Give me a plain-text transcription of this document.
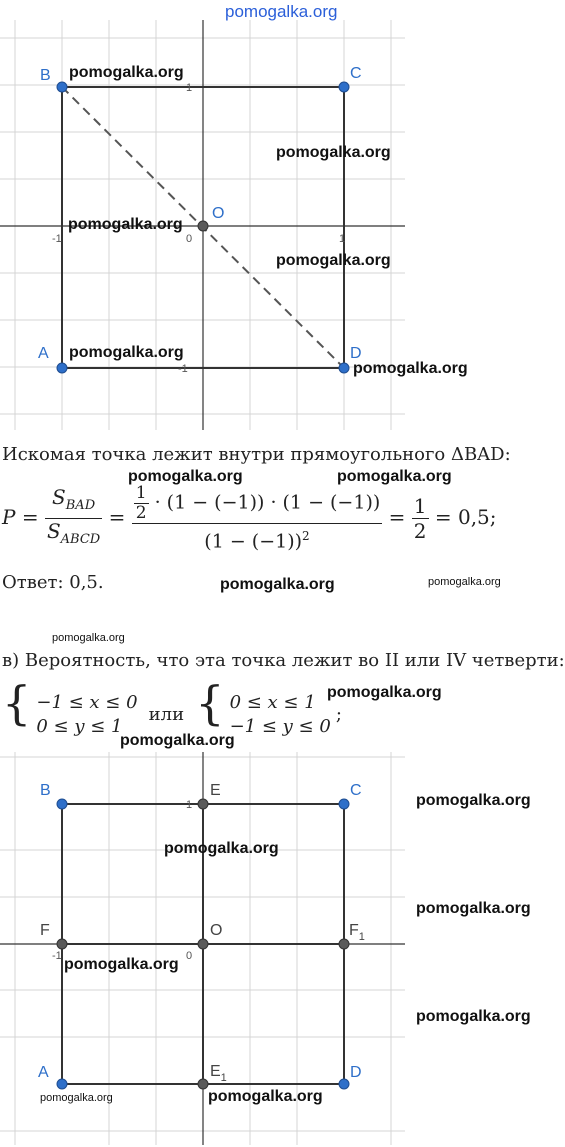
pomogalka.org
B	C
D
A
O
-1	0	1
1
-1
pomogalka.org
pomogalka.org
pomogalka.org
pomogalka.org
pomogalka.org
pomogalka.org
Искомая точка лежит внутри прямоугольного ΔBAD:
pomogalka.org	pomogalka.org
$P = \frac{S_{BAD}}{S_{ABCD}} = \frac{\frac{1}{2} \cdot (1 - (-1)) \cdot (1 - (-1))}{(1 - (-1))^2} = \frac{1}{2} = 0,5$;
Ответ: 0,5.	pomogalka.org	pomogalka.org
pomogalka.org
в) Вероятность, что эта точка лежит во II или IV четверти:
{ −1 ≤ x ≤ 0
0 ≤ y ≤ 1
или { 0 ≤ x ≤ 1
−1 ≤ y ≤ 0
;
pomogalka.org
pomogalka.org
B	C
D
A
E
O
F	$F_1$
$E_1$
-1	0
1	pomogalka.org
pomogalka.org
pomogalka.org
pomogalka.org
pomogalka.org
pomogalka.org	pomogalka.org
